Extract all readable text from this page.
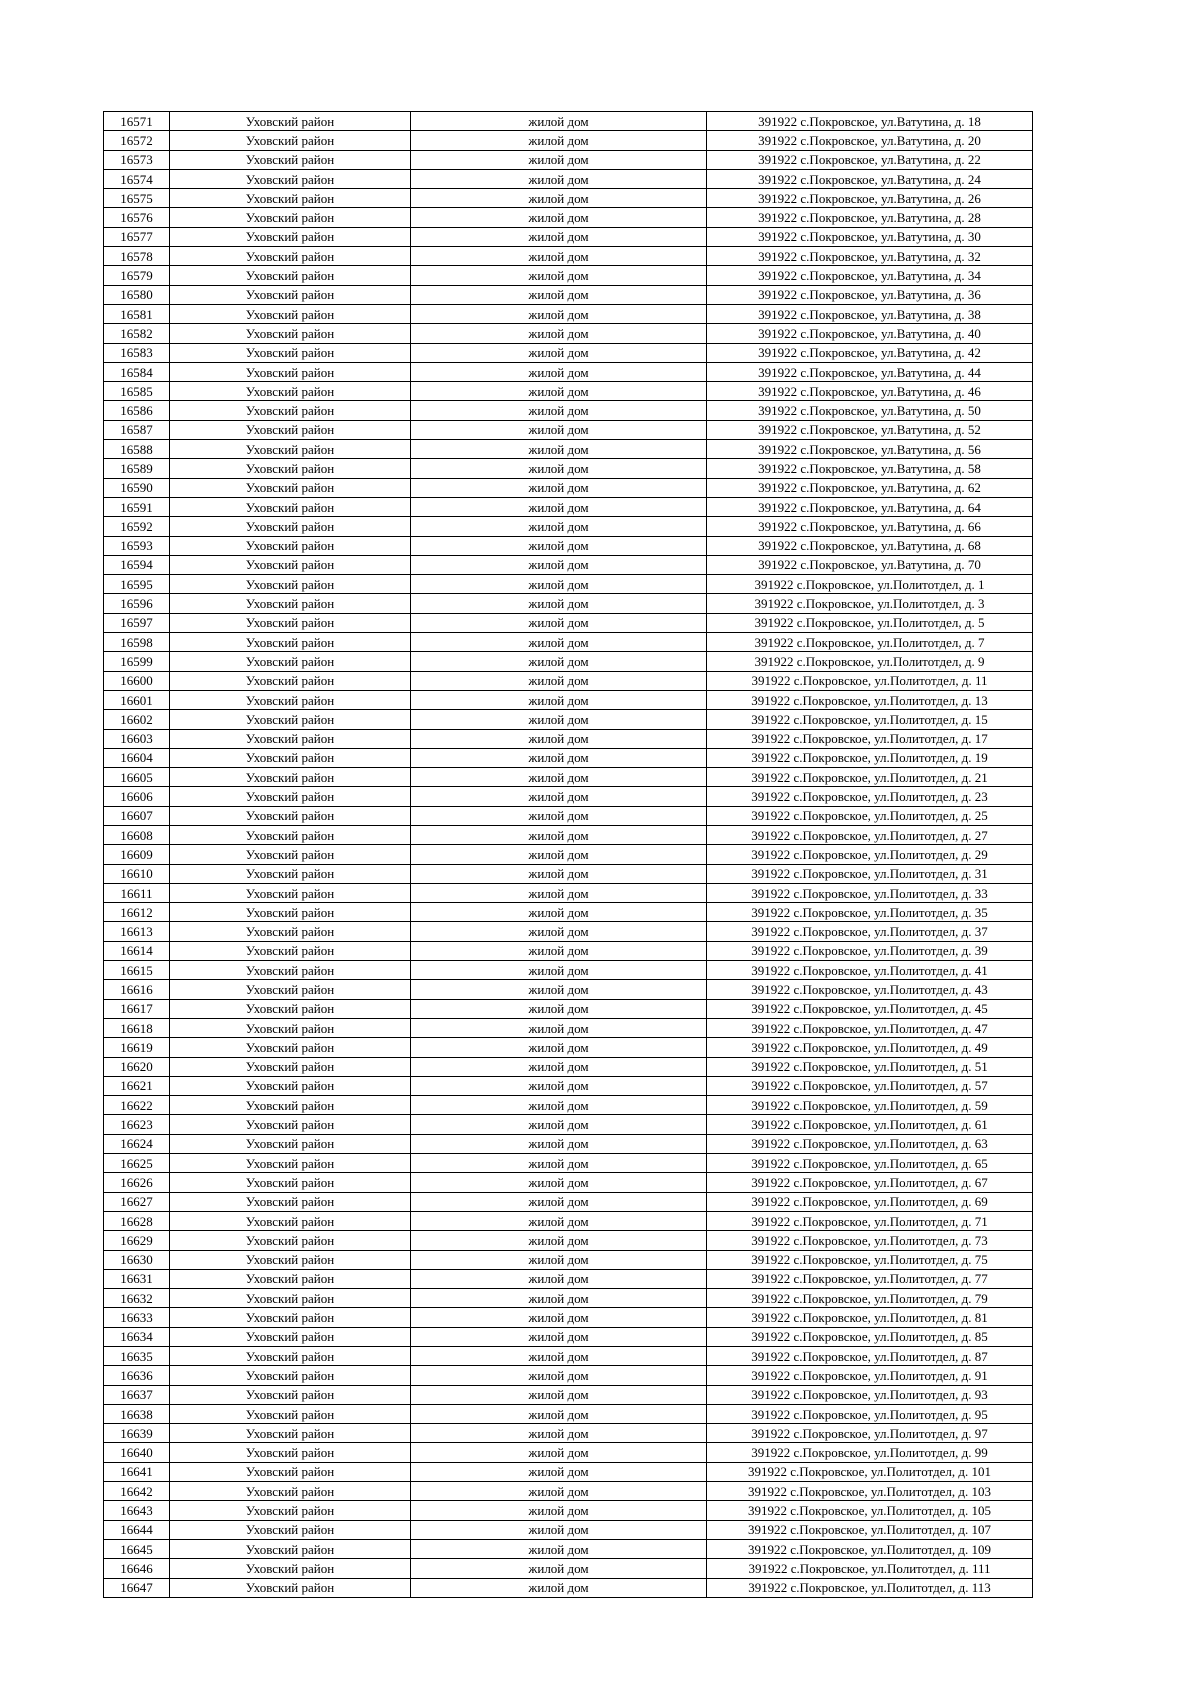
16571	Уховский район	жилой дом	391922 с.Покровское, ул.Ватутина, д. 18
16572	Уховский район	жилой дом	391922 с.Покровское, ул.Ватутина, д. 20
16573	Уховский район	жилой дом	391922 с.Покровское, ул.Ватутина, д. 22
16574	Уховский район	жилой дом	391922 с.Покровское, ул.Ватутина, д. 24
16575	Уховский район	жилой дом	391922 с.Покровское, ул.Ватутина, д. 26
16576	Уховский район	жилой дом	391922 с.Покровское, ул.Ватутина, д. 28
16577	Уховский район	жилой дом	391922 с.Покровское, ул.Ватутина, д. 30
16578	Уховский район	жилой дом	391922 с.Покровское, ул.Ватутина, д. 32
16579	Уховский район	жилой дом	391922 с.Покровское, ул.Ватутина, д. 34
16580	Уховский район	жилой дом	391922 с.Покровское, ул.Ватутина, д. 36
16581	Уховский район	жилой дом	391922 с.Покровское, ул.Ватутина, д. 38
16582	Уховский район	жилой дом	391922 с.Покровское, ул.Ватутина, д. 40
16583	Уховский район	жилой дом	391922 с.Покровское, ул.Ватутина, д. 42
16584	Уховский район	жилой дом	391922 с.Покровское, ул.Ватутина, д. 44
16585	Уховский район	жилой дом	391922 с.Покровское, ул.Ватутина, д. 46
16586	Уховский район	жилой дом	391922 с.Покровское, ул.Ватутина, д. 50
16587	Уховский район	жилой дом	391922 с.Покровское, ул.Ватутина, д. 52
16588	Уховский район	жилой дом	391922 с.Покровское, ул.Ватутина, д. 56
16589	Уховский район	жилой дом	391922 с.Покровское, ул.Ватутина, д. 58
16590	Уховский район	жилой дом	391922 с.Покровское, ул.Ватутина, д. 62
16591	Уховский район	жилой дом	391922 с.Покровское, ул.Ватутина, д. 64
16592	Уховский район	жилой дом	391922 с.Покровское, ул.Ватутина, д. 66
16593	Уховский район	жилой дом	391922 с.Покровское, ул.Ватутина, д. 68
16594	Уховский район	жилой дом	391922 с.Покровское, ул.Ватутина, д. 70
16595	Уховский район	жилой дом	391922 с.Покровское, ул.Политотдел, д. 1
16596	Уховский район	жилой дом	391922 с.Покровское, ул.Политотдел, д. 3
16597	Уховский район	жилой дом	391922 с.Покровское, ул.Политотдел, д. 5
16598	Уховский район	жилой дом	391922 с.Покровское, ул.Политотдел, д. 7
16599	Уховский район	жилой дом	391922 с.Покровское, ул.Политотдел, д. 9
16600	Уховский район	жилой дом	391922 с.Покровское, ул.Политотдел, д. 11
16601	Уховский район	жилой дом	391922 с.Покровское, ул.Политотдел, д. 13
16602	Уховский район	жилой дом	391922 с.Покровское, ул.Политотдел, д. 15
16603	Уховский район	жилой дом	391922 с.Покровское, ул.Политотдел, д. 17
16604	Уховский район	жилой дом	391922 с.Покровское, ул.Политотдел, д. 19
16605	Уховский район	жилой дом	391922 с.Покровское, ул.Политотдел, д. 21
16606	Уховский район	жилой дом	391922 с.Покровское, ул.Политотдел, д. 23
16607	Уховский район	жилой дом	391922 с.Покровское, ул.Политотдел, д. 25
16608	Уховский район	жилой дом	391922 с.Покровское, ул.Политотдел, д. 27
16609	Уховский район	жилой дом	391922 с.Покровское, ул.Политотдел, д. 29
16610	Уховский район	жилой дом	391922 с.Покровское, ул.Политотдел, д. 31
16611	Уховский район	жилой дом	391922 с.Покровское, ул.Политотдел, д. 33
16612	Уховский район	жилой дом	391922 с.Покровское, ул.Политотдел, д. 35
16613	Уховский район	жилой дом	391922 с.Покровское, ул.Политотдел, д. 37
16614	Уховский район	жилой дом	391922 с.Покровское, ул.Политотдел, д. 39
16615	Уховский район	жилой дом	391922 с.Покровское, ул.Политотдел, д. 41
16616	Уховский район	жилой дом	391922 с.Покровское, ул.Политотдел, д. 43
16617	Уховский район	жилой дом	391922 с.Покровское, ул.Политотдел, д. 45
16618	Уховский район	жилой дом	391922 с.Покровское, ул.Политотдел, д. 47
16619	Уховский район	жилой дом	391922 с.Покровское, ул.Политотдел, д. 49
16620	Уховский район	жилой дом	391922 с.Покровское, ул.Политотдел, д. 51
16621	Уховский район	жилой дом	391922 с.Покровское, ул.Политотдел, д. 57
16622	Уховский район	жилой дом	391922 с.Покровское, ул.Политотдел, д. 59
16623	Уховский район	жилой дом	391922 с.Покровское, ул.Политотдел, д. 61
16624	Уховский район	жилой дом	391922 с.Покровское, ул.Политотдел, д. 63
16625	Уховский район	жилой дом	391922 с.Покровское, ул.Политотдел, д. 65
16626	Уховский район	жилой дом	391922 с.Покровское, ул.Политотдел, д. 67
16627	Уховский район	жилой дом	391922 с.Покровское, ул.Политотдел, д. 69
16628	Уховский район	жилой дом	391922 с.Покровское, ул.Политотдел, д. 71
16629	Уховский район	жилой дом	391922 с.Покровское, ул.Политотдел, д. 73
16630	Уховский район	жилой дом	391922 с.Покровское, ул.Политотдел, д. 75
16631	Уховский район	жилой дом	391922 с.Покровское, ул.Политотдел, д. 77
16632	Уховский район	жилой дом	391922 с.Покровское, ул.Политотдел, д. 79
16633	Уховский район	жилой дом	391922 с.Покровское, ул.Политотдел, д. 81
16634	Уховский район	жилой дом	391922 с.Покровское, ул.Политотдел, д. 85
16635	Уховский район	жилой дом	391922 с.Покровское, ул.Политотдел, д. 87
16636	Уховский район	жилой дом	391922 с.Покровское, ул.Политотдел, д. 91
16637	Уховский район	жилой дом	391922 с.Покровское, ул.Политотдел, д. 93
16638	Уховский район	жилой дом	391922 с.Покровское, ул.Политотдел, д. 95
16639	Уховский район	жилой дом	391922 с.Покровское, ул.Политотдел, д. 97
16640	Уховский район	жилой дом	391922 с.Покровское, ул.Политотдел, д. 99
16641	Уховский район	жилой дом	391922 с.Покровское, ул.Политотдел, д. 101
16642	Уховский район	жилой дом	391922 с.Покровское, ул.Политотдел, д. 103
16643	Уховский район	жилой дом	391922 с.Покровское, ул.Политотдел, д. 105
16644	Уховский район	жилой дом	391922 с.Покровское, ул.Политотдел, д. 107
16645	Уховский район	жилой дом	391922 с.Покровское, ул.Политотдел, д. 109
16646	Уховский район	жилой дом	391922 с.Покровское, ул.Политотдел, д. 111
16647	Уховский район	жилой дом	391922 с.Покровское, ул.Политотдел, д. 113
